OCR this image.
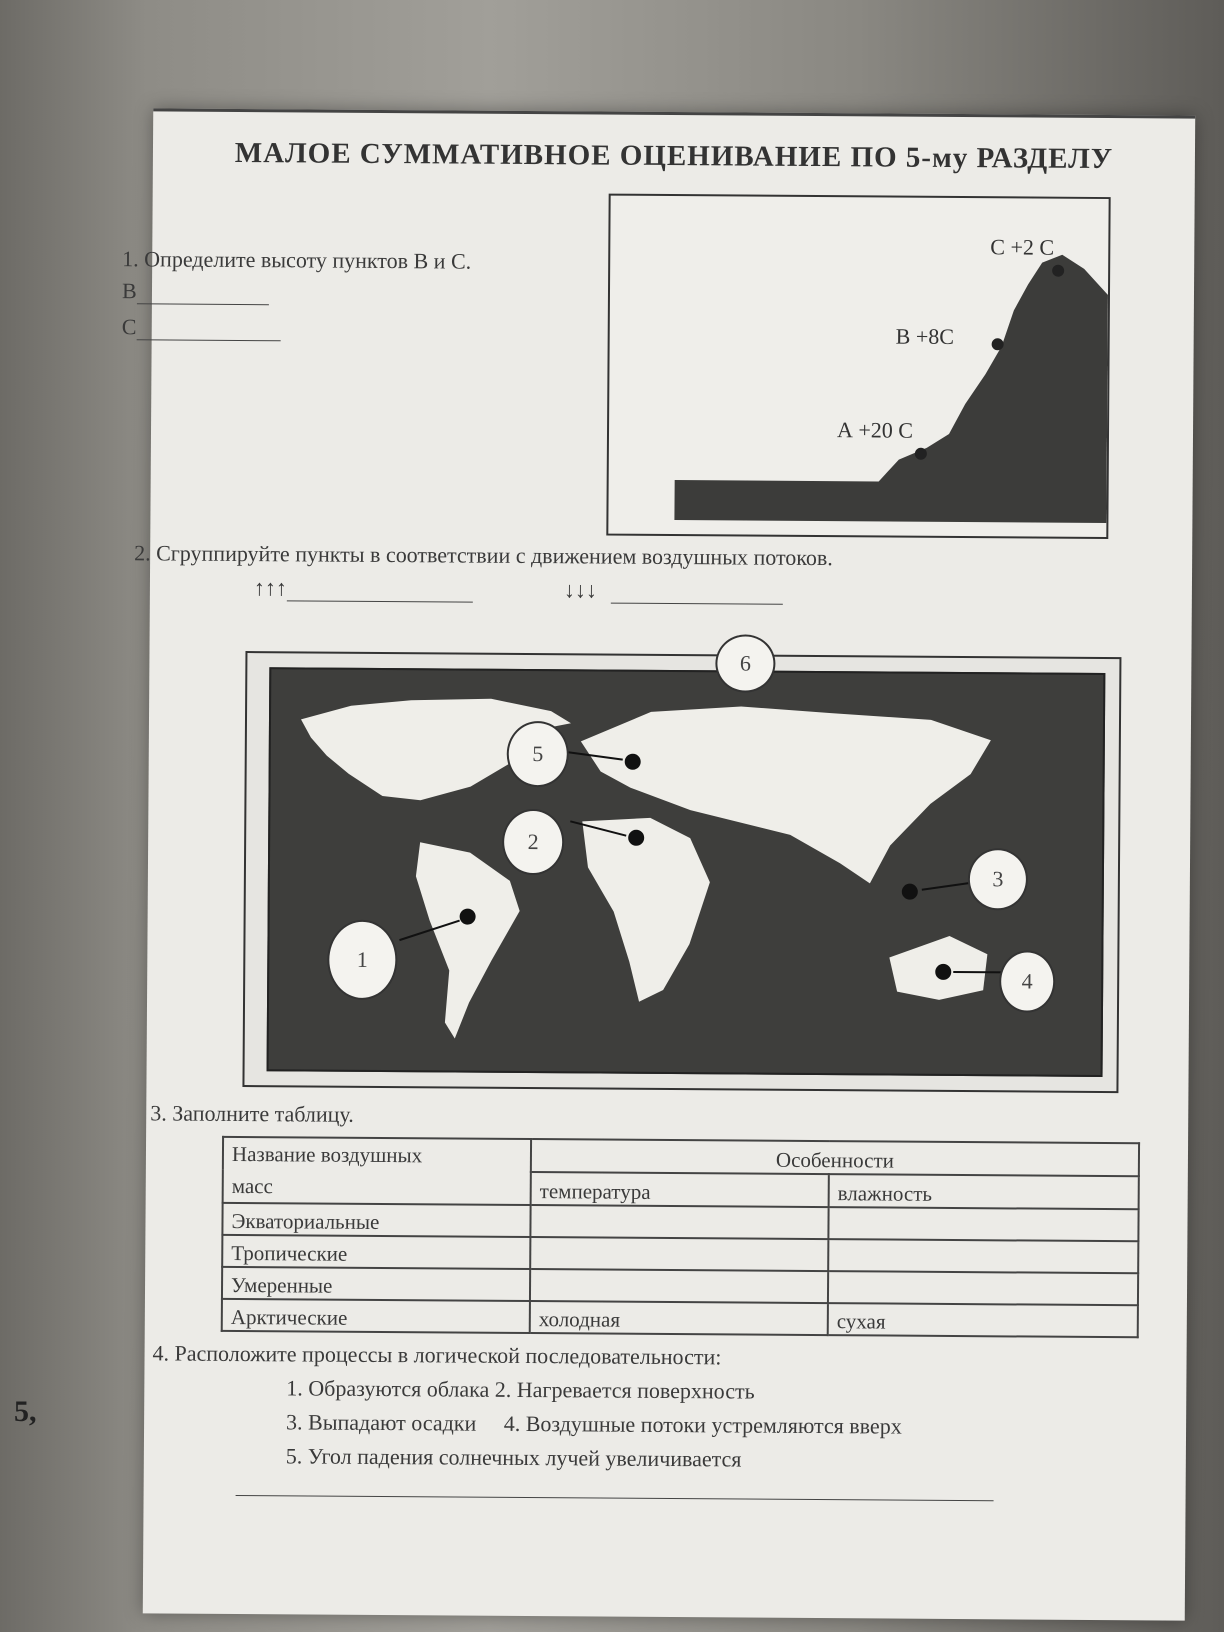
5,
МАЛОЕ СУММАТИВНОЕ ОЦЕНИВАНИЕ ПО 5-му РАЗДЕЛУ
1. Определите высоту пунктов В и С.
В
С
С +2 С
В +8С
А +20 С
2. Сгруппируйте пункты в соответствии с движением воздушных потоков.
↑↑↑	↓↓↓
1
2
3
4
5
6
3. Заполните таблицу.
Название воздушных
масс	Особенности	
	температура	влажность
Экваториальные		
Тропические		
Умеренные		
Арктические	холодная	сухая
4. Расположите процессы в логической последовательности:
1. Образуются облака 2. Нагревается поверхность
3. Выпадают осадки     4. Воздушные потоки устремляются вверх
5. Угол падения солнечных лучей увеличивается
